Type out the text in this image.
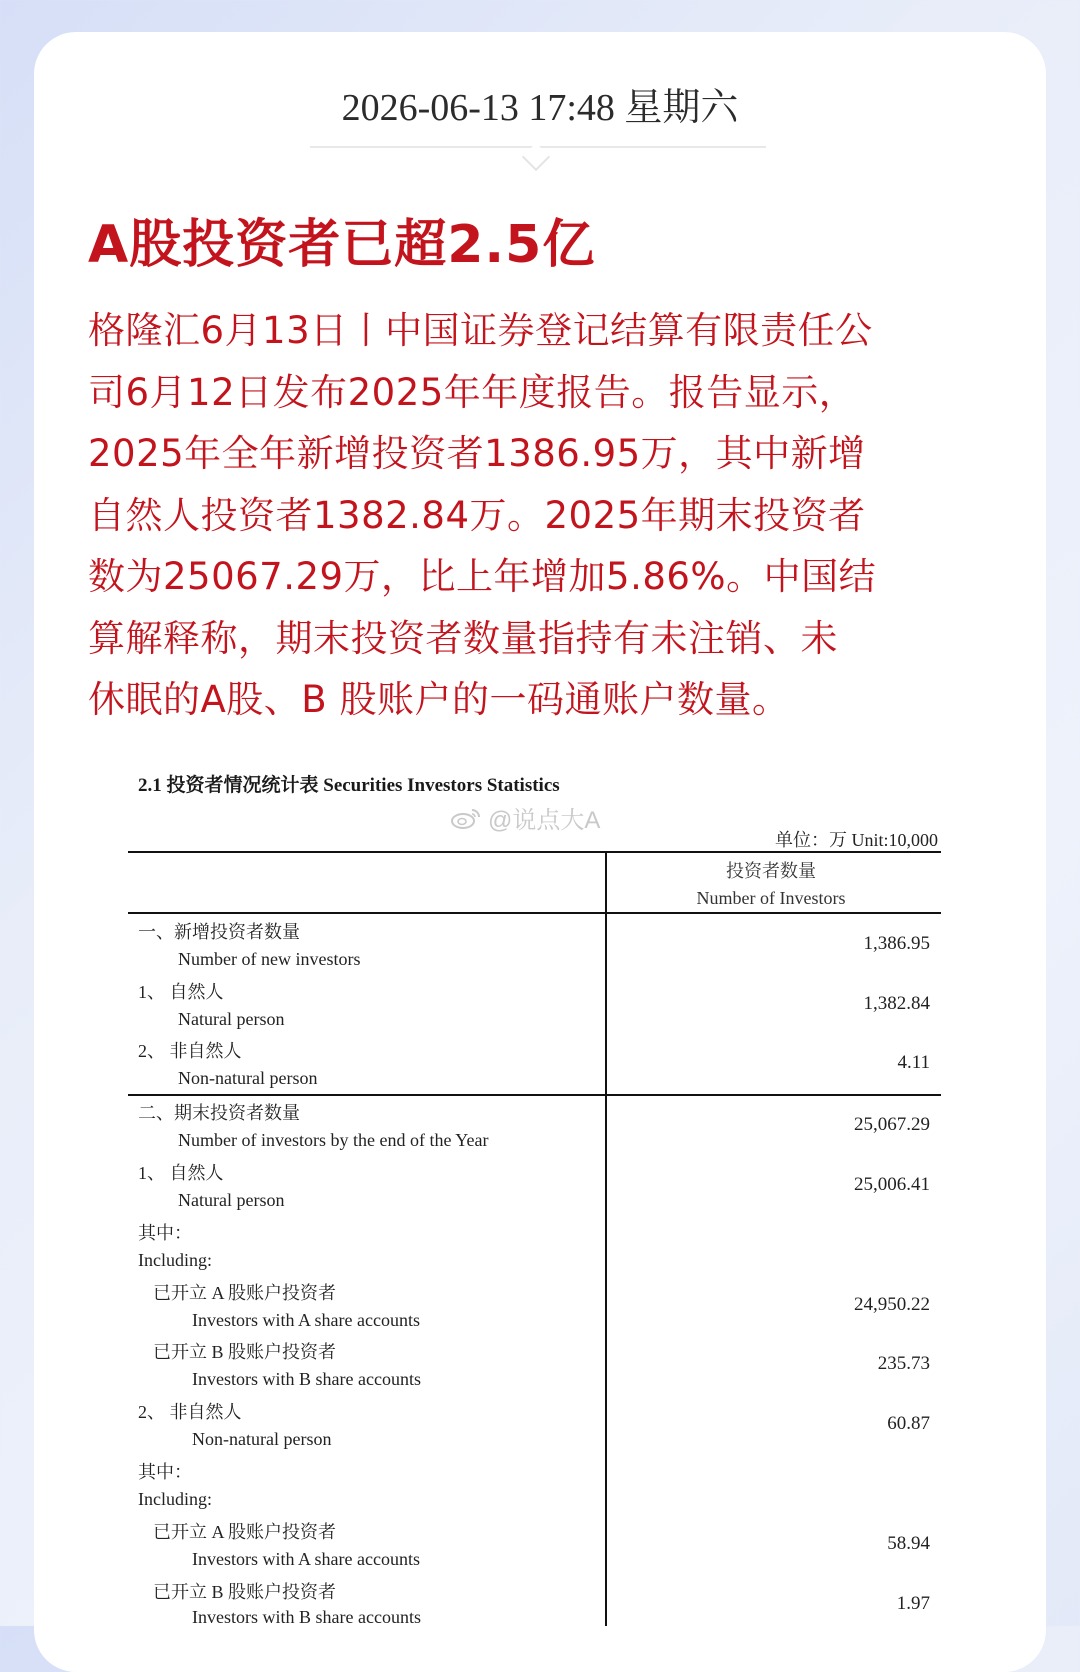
2026-06-13 17:48 星期六
A股投资者已超2.5亿
格隆汇6月13日丨中国证券登记结算有限责任公
司6月12日发布2025年年度报告。报告显示，
2025年全年新增投资者1386.95万，其中新增
自然人投资者1382.84万。2025年期末投资者
数为25067.29万，比上年增加5.86%。中国结
算解释称，期末投资者数量指持有未注销、未
休眠的A股、B 股账户的一码通账户数量。
2.1 投资者情况统计表 Securities Investors Statistics
@说点大A
单位：万 Unit:10,000
投资者数量
Number of Investors
一、新增投资者数量
Number of new investors
1,386.95
1、 自然人
Natural person
1,382.84
2、 非自然人
Non-natural person
4.11
二、期末投资者数量
Number of investors by the end of the Year
25,067.29
1、 自然人
Natural person
25,006.41
其中：
Including:
已开立 A 股账户投资者
Investors with A share accounts
24,950.22
已开立 B 股账户投资者
Investors with B share accounts
235.73
2、 非自然人
Non-natural person
60.87
其中：
Including:
已开立 A 股账户投资者
Investors with A share accounts
58.94
已开立 B 股账户投资者
Investors with B share accounts
1.97
